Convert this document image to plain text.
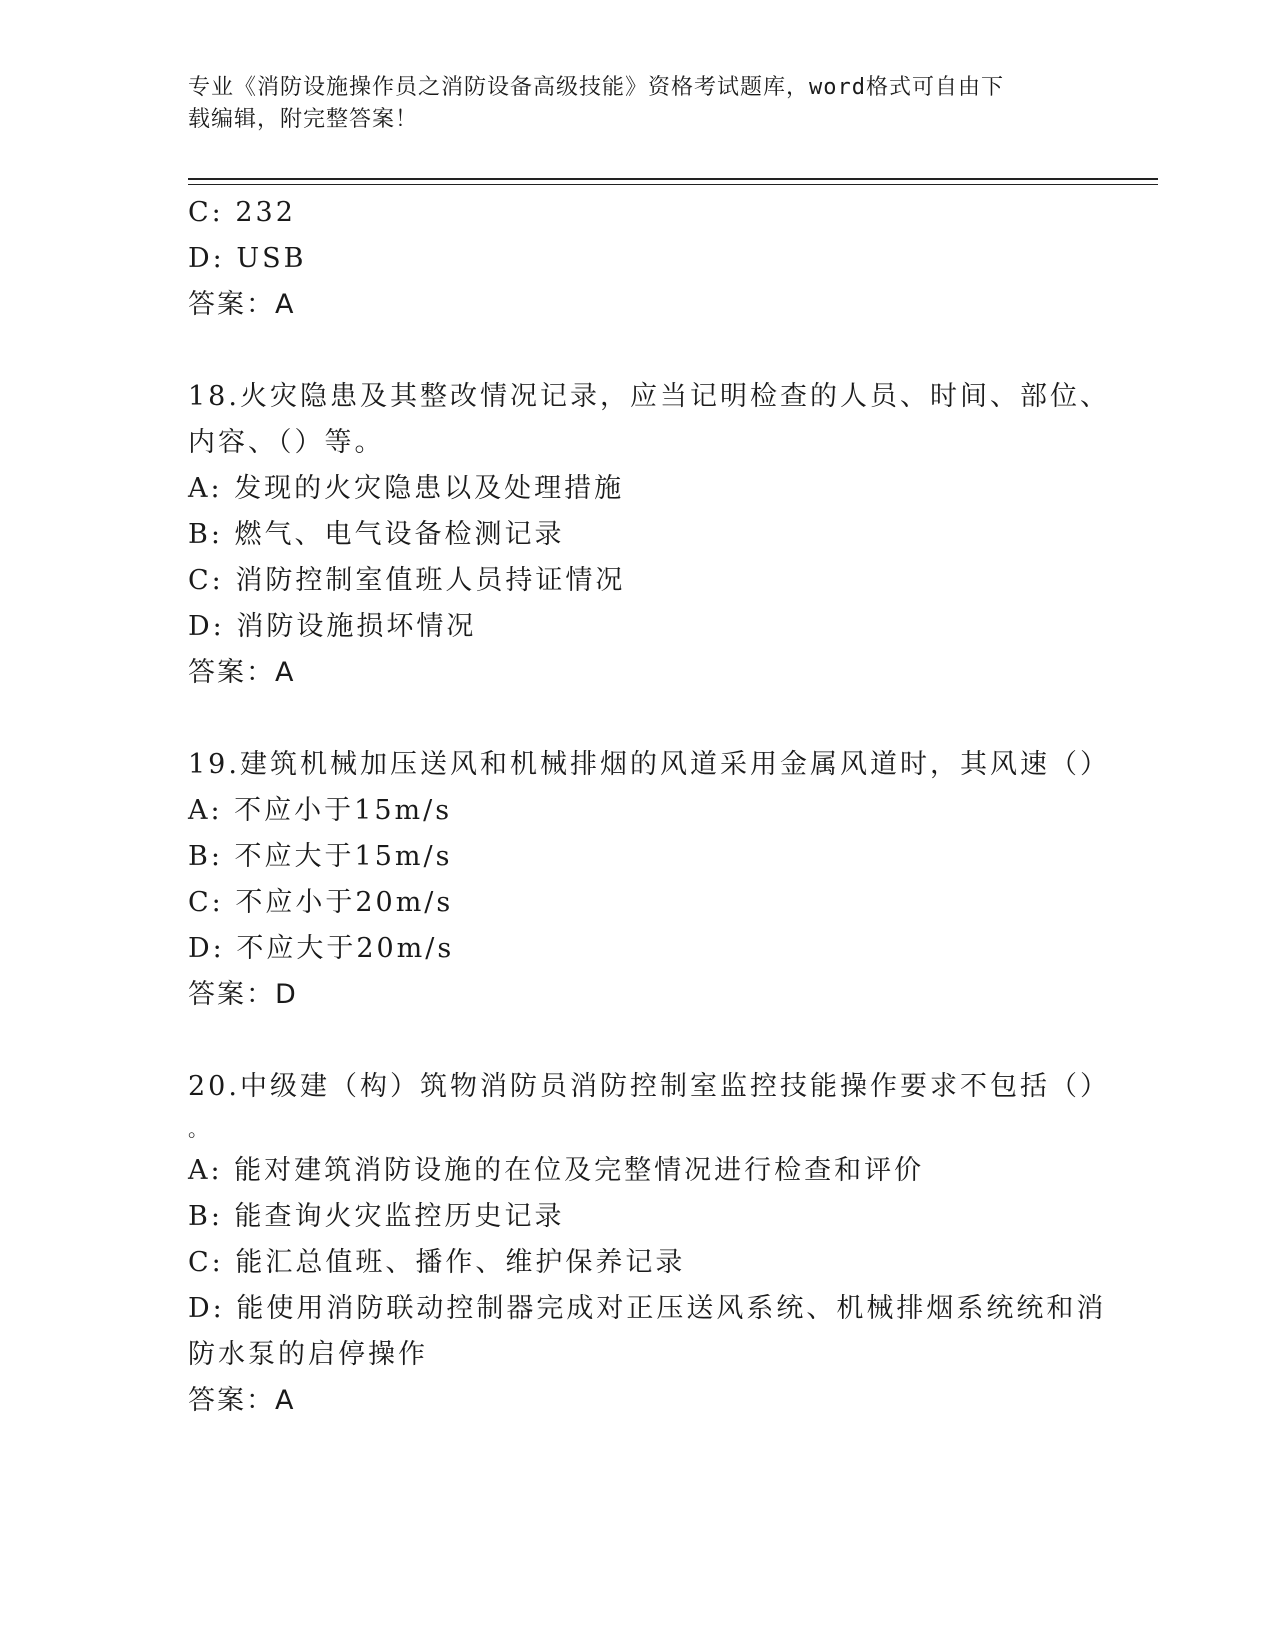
专业《消防设施操作员之消防设备高级技能》资格考试题库，word格式可自由下
载编辑，附完整答案！
C: 232
D: USB
答案：A
18.火灾隐患及其整改情况记录，应当记明检查的人员、时间、部位、
内容、（）等。
A: 发现的火灾隐患以及处理措施
B: 燃气、电气设备检测记录
C: 消防控制室值班人员持证情况
D: 消防设施损坏情况
答案：A
19.建筑机械加压送风和机械排烟的风道采用金属风道时，其风速（）
A: 不应小于15m/s
B: 不应大于15m/s
C: 不应小于20m/s
D: 不应大于20m/s
答案：D
20.中级建（构）筑物消防员消防控制室监控技能操作要求不包括（）
。
A: 能对建筑消防设施的在位及完整情况进行检查和评价
B: 能查询火灾监控历史记录
C: 能汇总值班、播作、维护保养记录
D: 能使用消防联动控制器完成对正压送风系统、机械排烟系统统和消
防水泵的启停操作
答案：A
